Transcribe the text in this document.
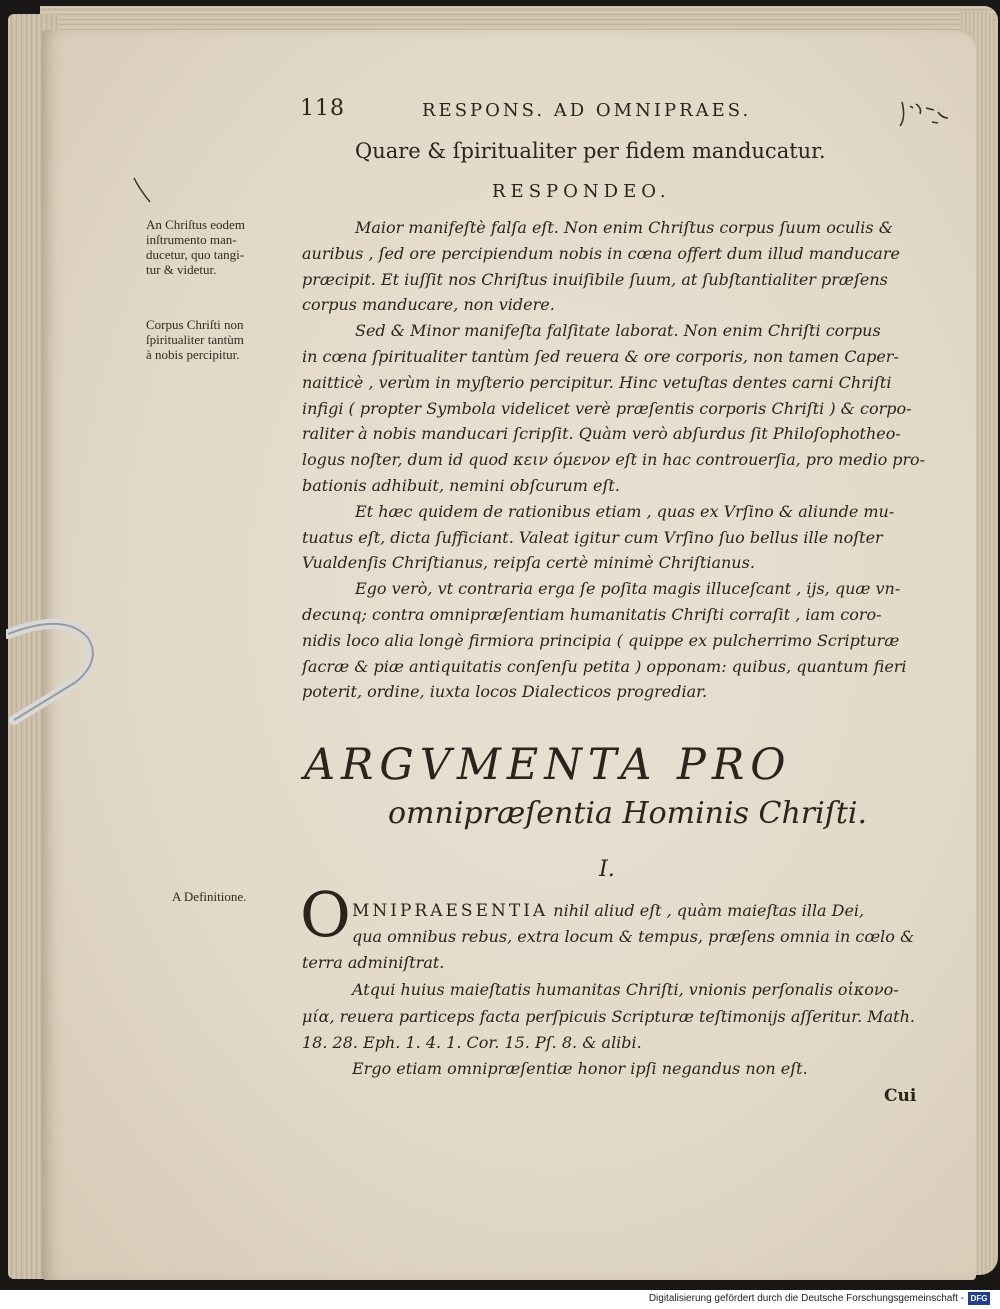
118	RESPONS. AD OMNIPRAES.
Quare & ſpiritualiter per fidem manducatur.
RESPONDEO.
An Chriſtus eodem
inſtrumento man-
ducetur, quo tangi-
tur & videtur.
Corpus Chriſti non
ſpiritualiter tantùm
à nobis percipitur.
A Definitione.
Maior manifeſtè falſa eſt. Non enim Chriſtus corpus ſuum oculis &
auribus , ſed ore percipiendum nobis in cœna offert dum illud manducare
præcipit. Et iuſſit nos Chriſtus inuiſibile ſuum, at ſubſtantialiter præſens
corpus manducare, non videre.
Sed & Minor manifeſta falſitate laborat. Non enim Chriſti corpus
in cœna ſpiritualiter tantùm ſed reuera & ore corporis, non tamen Caper-
naitticè , verùm in myſterio percipitur. Hinc vetuſtas dentes carni Chriſti
infigi ( propter Symbola videlicet verè præſentis corporis Chriſti ) & corpo-
raliter à nobis manducari ſcripſit. Quàm verò abſurdus ſit Philoſophotheo-
logus noſter, dum id quod κειν όμενον eſt in hac controuerſia, pro medio pro-
bationis adhibuit, nemini obſcurum eſt.
Et hæc quidem de rationibus etiam , quas ex Vrſino & aliunde mu-
tuatus eſt, dicta ſufficiant. Valeat igitur cum Vrſino ſuo bellus ille noſter
Vualdenſis Chriſtianus, reipſa certè minimè Chriſtianus.
Ego verò, vt contraria erga ſe poſita magis illuceſcant , ijs, quæ vn-
decunq; contra omnipræſentiam humanitatis Chriſti corraſit , iam coro-
nidis loco alia longè firmiora principia ( quippe ex pulcherrimo Scripturæ
ſacræ & piæ antiquitatis conſenſu petita ) opponam: quibus, quantum fieri
poterit, ordine, iuxta locos Dialecticos progrediar.
ARGVMENTA PRO
omnipræſentia Hominis Chriſti.
I.
O MNIPRAESENTIA nihil aliud eſt , quàm maieſtas illa Dei,
qua omnibus rebus, extra locum & tempus, præſens omnia in cœlo &
terra adminiſtrat.
Atqui huius maieſtatis humanitas Chriſti, vnionis perſonalis οἰκονο-
μία, reuera particeps facta perſpicuis Scripturæ teſtimonijs aſſeritur. Math.
18. 28. Eph. 1. 4. 1. Cor. 15. Pſ. 8. & alibi.
Ergo etiam omnipræſentiæ honor ipſi negandus non eſt.
Cui
Digitalisierung gefördert durch die Deutsche Forschungsgemeinschaft - DFG
